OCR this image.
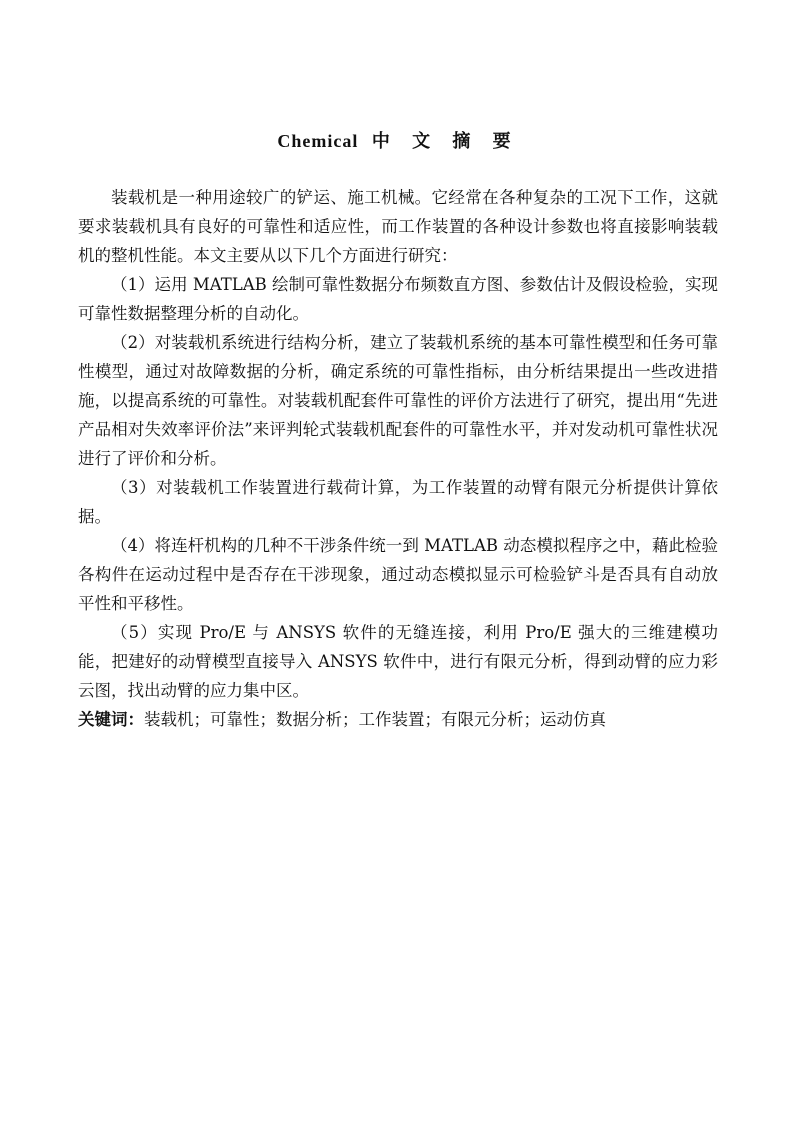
Chemical 中 文 摘 要

装载机是一种用途较广的铲运、施工机械。它经常在各种复杂的工况下工作，这就要求装载机具有良好的可靠性和适应性，而工作装置的各种设计参数也将直接影响装载机的整机性能。本文主要从以下几个方面进行研究：

（1）运用 MATLAB 绘制可靠性数据分布频数直方图、参数估计及假设检验，实现可靠性数据整理分析的自动化。

（2）对装载机系统进行结构分析，建立了装载机系统的基本可靠性模型和任务可靠性模型，通过对故障数据的分析，确定系统的可靠性指标，由分析结果提出一些改进措施，以提高系统的可靠性。对装载机配套件可靠性的评价方法进行了研究，提出用“先进产品相对失效率评价法”来评判轮式装载机配套件的可靠性水平，并对发动机可靠性状况进行了评价和分析。

（3）对装载机工作装置进行载荷计算，为工作装置的动臂有限元分析提供计算依据。

（4）将连杆机构的几种不干涉条件统一到 MATLAB 动态模拟程序之中，藉此检验各构件在运动过程中是否存在干涉现象，通过动态模拟显示可检验铲斗是否具有自动放平性和平移性。

（5）实现 Pro/E 与 ANSYS 软件的无缝连接，利用 Pro/E 强大的三维建模功能，把建好的动臂模型直接导入 ANSYS 软件中，进行有限元分析，得到动臂的应力彩云图，找出动臂的应力集中区。

关键词：装载机；可靠性；数据分析；工作装置；有限元分析；运动仿真
